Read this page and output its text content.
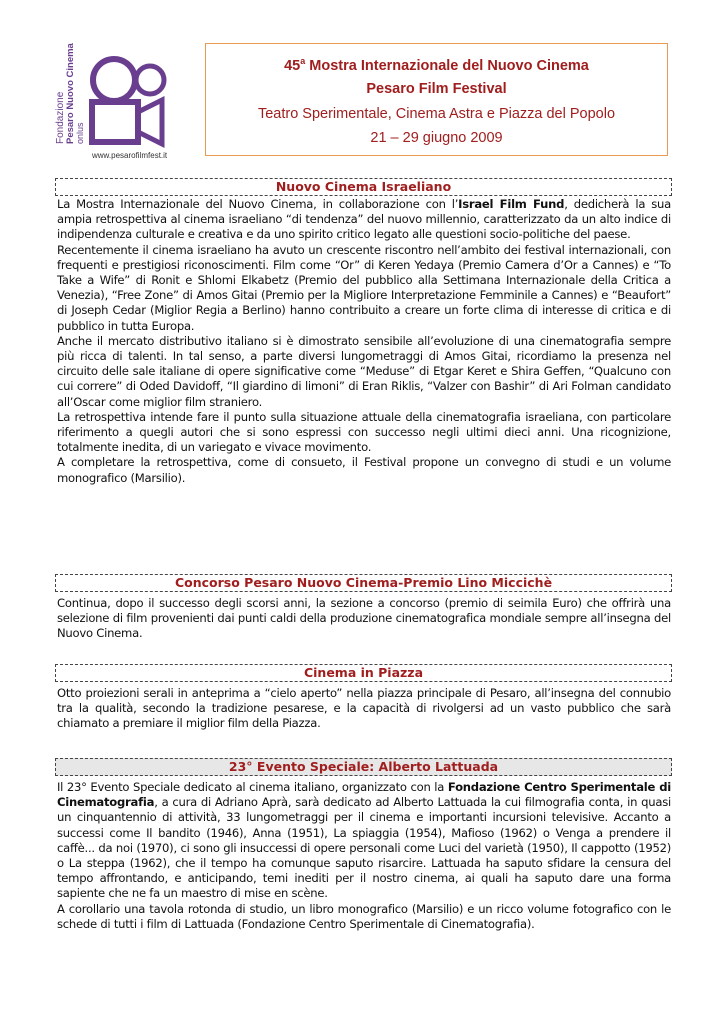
Fondazione Pesaro Nuovo Cinema onlus
www.pesarofilmfest.it
45$^a$ Mostra Internazionale del Nuovo Cinema
Pesaro Film Festival
Teatro Sperimentale, Cinema Astra e Piazza del Popolo
21 – 29 giugno 2009
Nuovo Cinema Israeliano

La Mostra Internazionale del Nuovo Cinema, in collaborazione con l’Israel Film Fund, dedicherà la sua ampia retrospettiva al cinema israeliano “di tendenza” del nuovo millennio, caratterizzato da un alto indice di indipendenza culturale e creativa e da uno spirito critico legato alle questioni socio-politiche del paese.

Recentemente il cinema israeliano ha avuto un crescente riscontro nell’ambito dei festival internazionali, con frequenti e prestigiosi riconoscimenti. Film come “Or” di Keren Yedaya (Premio Camera d’Or a Cannes) e “To Take a Wife” di Ronit e Shlomi Elkabetz (Premio del pubblico alla Settimana Internazionale della Critica a Venezia), “Free Zone” di Amos Gitai (Premio per la Migliore Interpretazione Femminile a Cannes) e “Beaufort” di Joseph Cedar (Miglior Regia a Berlino) hanno contribuito a creare un forte clima di interesse di critica e di pubblico in tutta Europa.

Anche il mercato distributivo italiano si è dimostrato sensibile all’evoluzione di una cinematografia sempre più ricca di talenti. In tal senso, a parte diversi lungometraggi di Amos Gitai, ricordiamo la presenza nel circuito delle sale italiane di opere significative come “Meduse” di Etgar Keret e Shira Geffen, “Qualcuno con cui correre” di Oded Davidoff, “Il giardino di limoni” di Eran Riklis, “Valzer con Bashir” di Ari Folman candidato all’Oscar come miglior film straniero.

La retrospettiva intende fare il punto sulla situazione attuale della cinematografia israeliana, con particolare riferimento a quegli autori che si sono espressi con successo negli ultimi dieci anni. Una ricognizione, totalmente inedita, di un variegato e vivace movimento.

A completare la retrospettiva, come di consueto, il Festival propone un convegno di studi e un volume monografico (Marsilio).

Concorso Pesaro Nuovo Cinema-Premio Lino Miccichè

Continua, dopo il successo degli scorsi anni, la sezione a concorso (premio di seimila Euro) che offrirà una selezione di film provenienti dai punti caldi della produzione cinematografica mondiale sempre all’insegna del Nuovo Cinema.

Cinema in Piazza

Otto proiezioni serali in anteprima a “cielo aperto” nella piazza principale di Pesaro, all’insegna del connubio tra la qualità, secondo la tradizione pesarese, e la capacità di rivolgersi ad un vasto pubblico che sarà chiamato a premiare il miglior film della Piazza.

23° Evento Speciale: Alberto Lattuada

Il 23° Evento Speciale dedicato al cinema italiano, organizzato con la Fondazione Centro Sperimentale di Cinematografia, a cura di Adriano Aprà, sarà dedicato ad Alberto Lattuada la cui filmografia conta, in quasi un cinquantennio di attività, 33 lungometraggi per il cinema e importanti incursioni televisive. Accanto a successi come Il bandito (1946), Anna (1951), La spiaggia (1954), Mafioso (1962) o Venga a prendere il caffè... da noi (1970), ci sono gli insuccessi di opere personali come Luci del varietà (1950), Il cappotto (1952) o La steppa (1962), che il tempo ha comunque saputo risarcire. Lattuada ha saputo sfidare la censura del tempo affrontando, e anticipando, temi inediti per il nostro cinema, ai quali ha saputo dare una forma sapiente che ne fa un maestro di mise en scène.

A corollario una tavola rotonda di studio, un libro monografico (Marsilio) e un ricco volume fotografico con le schede di tutti i film di Lattuada (Fondazione Centro Sperimentale di Cinematografia).
